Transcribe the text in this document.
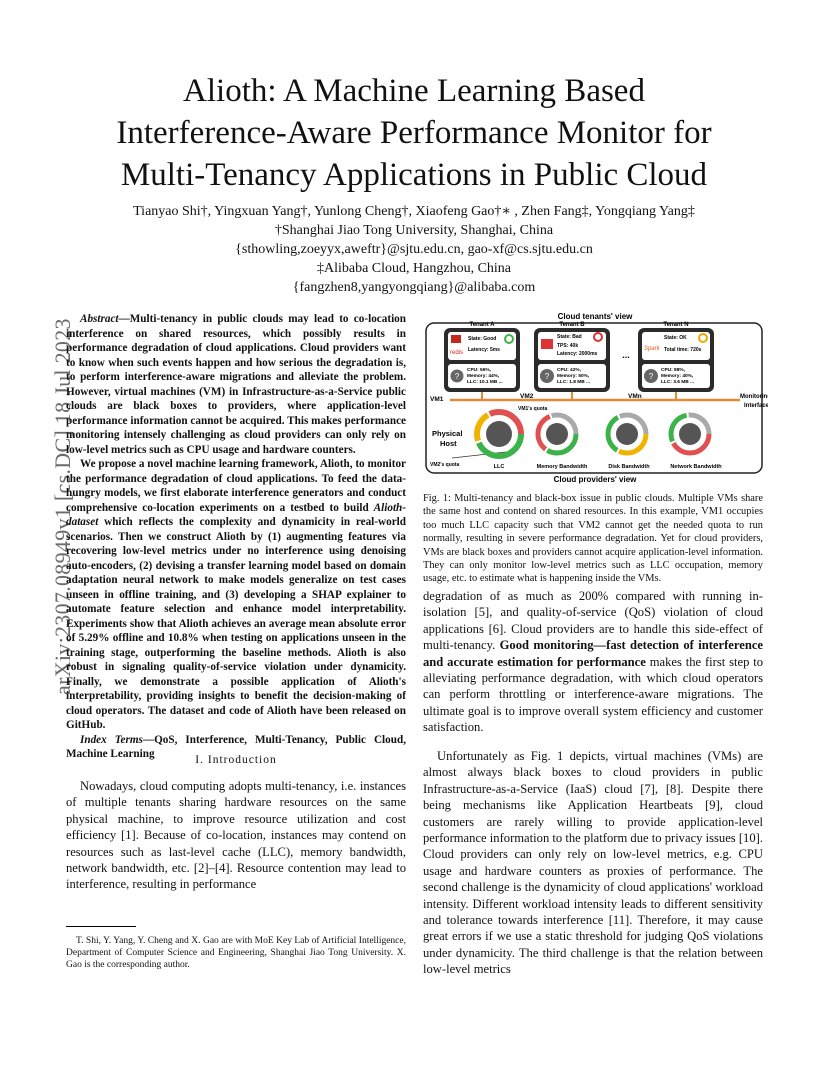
arXiv:2307.08949v1 [cs.DC] 18 Jul 2023
Alioth: A Machine Learning Based
Interference-Aware Performance Monitor for
Multi-Tenancy Applications in Public Cloud
Tianyao Shi†, Yingxuan Yang†, Yunlong Cheng†, Xiaofeng Gao†∗ , Zhen Fang‡, Yongqiang Yang‡
†Shanghai Jiao Tong University, Shanghai, China
{sthowling,zoeyyx,aweftr}@sjtu.edu.cn, gao-xf@cs.sjtu.edu.cn
‡Alibaba Cloud, Hangzhou, China
{fangzhen8,yangyongqiang}@alibaba.com

Abstract—Multi-tenancy in public clouds may lead to co-location interference on shared resources, which possibly results in performance degradation of cloud applications. Cloud providers want to know when such events happen and how serious the degradation is, to perform interference-aware migrations and alleviate the problem. However, virtual machines (VM) in Infrastructure-as-a-Service public clouds are black boxes to providers, where application-level performance information cannot be acquired. This makes performance monitoring intensely challenging as cloud providers can only rely on low-level metrics such as CPU usage and hardware counters.

We propose a novel machine learning framework, Alioth, to monitor the performance degradation of cloud applications. To feed the data-hungry models, we first elaborate interference generators and conduct comprehensive co-location experiments on a testbed to build Alioth-dataset which reflects the complexity and dynamicity in real-world scenarios. Then we construct Alioth by (1) augmenting features via recovering low-level metrics under no interference using denoising auto-encoders, (2) devising a transfer learning model based on domain adaptation neural network to make models generalize on test cases unseen in offline training, and (3) developing a SHAP explainer to automate feature selection and enhance model interpretability. Experiments show that Alioth achieves an average mean absolute error of 5.29% offline and 10.8% when testing on applications unseen in the training stage, outperforming the baseline methods. Alioth is also robust in signaling quality-of-service violation under dynamicity. Finally, we demonstrate a possible application of Alioth's interpretability, providing insights to benefit the decision-making of cloud operators. The dataset and code of Alioth have been released on GitHub.

Index Terms—QoS, Interference, Multi-Tenancy, Public Cloud, Machine Learning	I. Introduction

Nowadays, cloud computing adopts multi-tenancy, i.e. instances of multiple tenants sharing hardware resources on the same physical machine, to improve resource utilization and cost efficiency [1]. Because of co-location, instances may contend on resources such as last-level cache (LLC), memory bandwidth, network bandwidth, etc. [2]–[4]. Resource contention may lead to interference, resulting in performance

T. Shi, Y. Yang, Y. Cheng and X. Gao are with MoE Key Lab of Artificial Intelligence, Department of Computer Science and Engineering, Shanghai Jiao Tong University. X. Gao is the corresponding author.
Cloud tenants' view
Tenant A
redis
State: Good
Latency: 5ms
?
CPU: 56%,
Memory: 44%,
LLC: 10.1 MB ...
Tenant B
State: Bad
TPS: 40k
Latency: 2000ms
?
CPU: 42%,
Memory: 50%,
LLC: 1.8 MB ...
...
Tenant N
Spark
State: OK
Total time: 720s
?
CPU: 88%,
Memory: 40%,
LLC: 3.6 MB ...
VM1	VM2	VMn	Monitoring
Interface
Physical
Host
VM1's quota
VM2's quota	LLC	Memory Bandwidth	Disk Bandwidth	Network Bandwidth
Cloud providers' view
Fig. 1: Multi-tenancy and black-box issue in public clouds. Multiple VMs share the same host and contend on shared resources. In this example, VM1 occupies too much LLC capacity such that VM2 cannot get the needed quota to run normally, resulting in severe performance degradation. Yet for cloud providers, VMs are black boxes and providers cannot acquire application-level information. They can only monitor low-level metrics such as LLC occupation, memory usage, etc. to estimate what is happening inside the VMs.

degradation of as much as 200% compared with running in-isolation [5], and quality-of-service (QoS) violation of cloud applications [6]. Cloud providers are to handle this side-effect of multi-tenancy. Good monitoring—fast detection of interference and accurate estimation for performance makes the first step to alleviating performance degradation, with which cloud operators can perform throttling or interference-aware migrations. The ultimate goal is to improve overall system efficiency and customer satisfaction.

Unfortunately as Fig. 1 depicts, virtual machines (VMs) are almost always black boxes to cloud providers in public Infrastructure-as-a-Service (IaaS) cloud [7], [8]. Despite there being mechanisms like Application Heartbeats [9], cloud customers are rarely willing to provide application-level performance information to the platform due to privacy issues [10]. Cloud providers can only rely on low-level metrics, e.g. CPU usage and hardware counters as proxies of performance. The second challenge is the dynamicity of cloud applications' workload intensity. Different workload intensity leads to different sensitivity and tolerance towards interference [11]. Therefore, it may cause great errors if we use a static threshold for judging QoS violations under dynamicity. The third challenge is that the relation between low-level metrics
